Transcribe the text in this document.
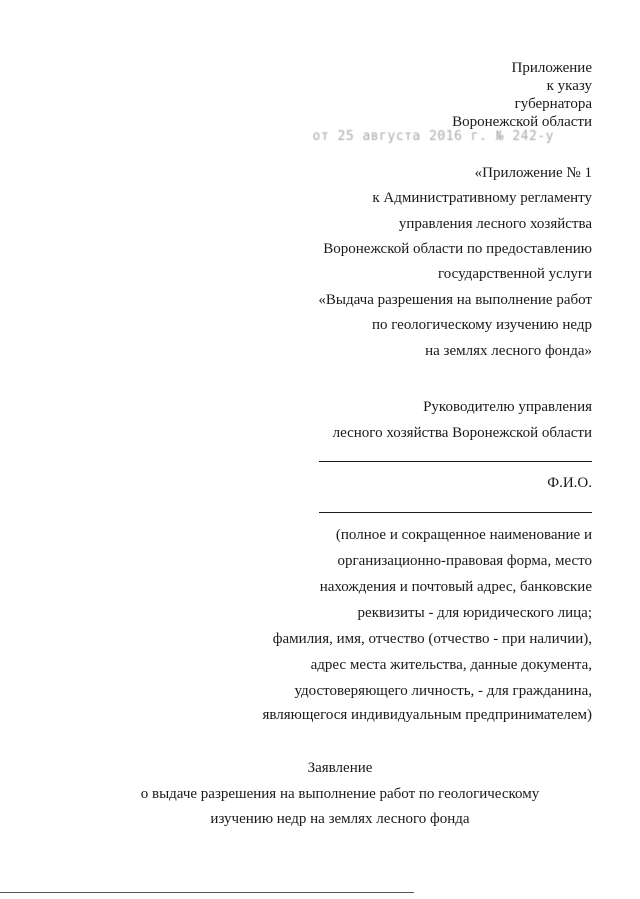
Приложение
к указу
губернатора
Воронежской области
от 25 августа 2016 г. № 242-у
«Приложение № 1
к Административному регламенту
управления лесного хозяйства
Воронежской области по предоставлению
государственной услуги
«Выдача разрешения на выполнение работ
по геологическому изучению недр
на землях лесного фонда»
Руководителю управления
лесного хозяйства Воронежской области
Ф.И.О.
(полное и сокращенное наименование и
организационно-правовая форма, место
нахождения и почтовый адрес, банковские
реквизиты - для юридического лица;
фамилия, имя, отчество (отчество - при наличии),
адрес места жительства, данные документа,
удостоверяющего личность, - для гражданина,
являющегося индивидуальным предпринимателем)
Заявление
о выдаче разрешения на выполнение работ по геологическому
изучению недр на землях лесного фонда
